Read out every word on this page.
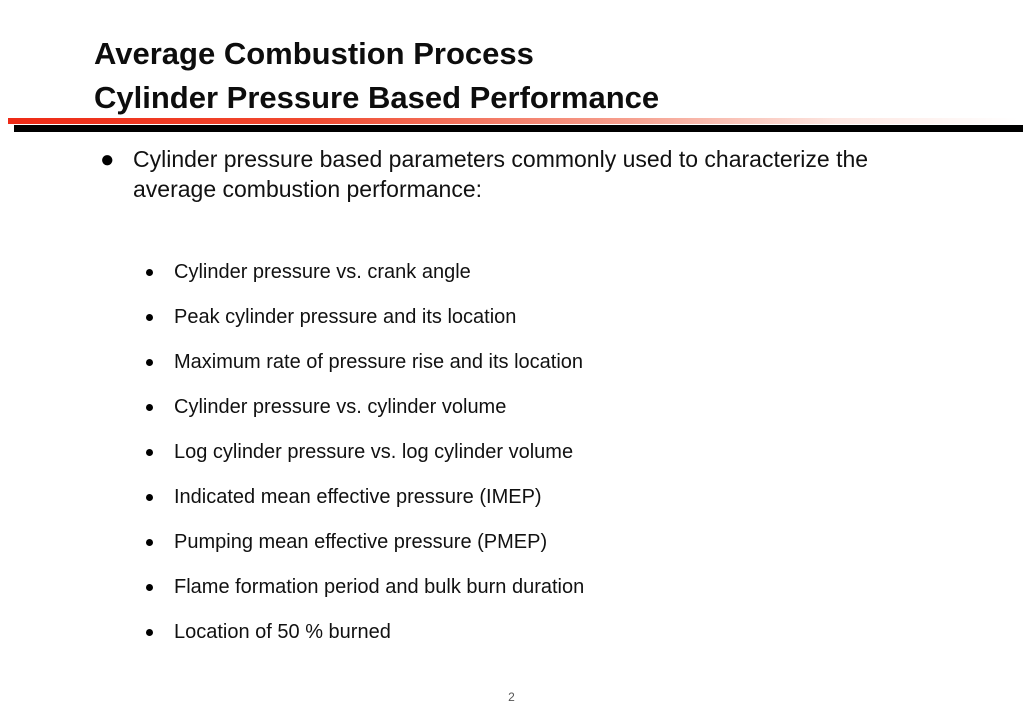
Average Combustion Process
Cylinder Pressure Based Performance
● Cylinder pressure based parameters commonly used to characterize the average combustion performance:

Cylinder pressure vs. crank angle
Peak cylinder pressure and its location
Maximum rate of pressure rise and its location
Cylinder pressure vs. cylinder volume
Log cylinder pressure vs. log cylinder volume
Indicated mean effective pressure (IMEP)
Pumping mean effective pressure (PMEP)
Flame formation period and bulk burn duration
Location of 50 % burned
2
